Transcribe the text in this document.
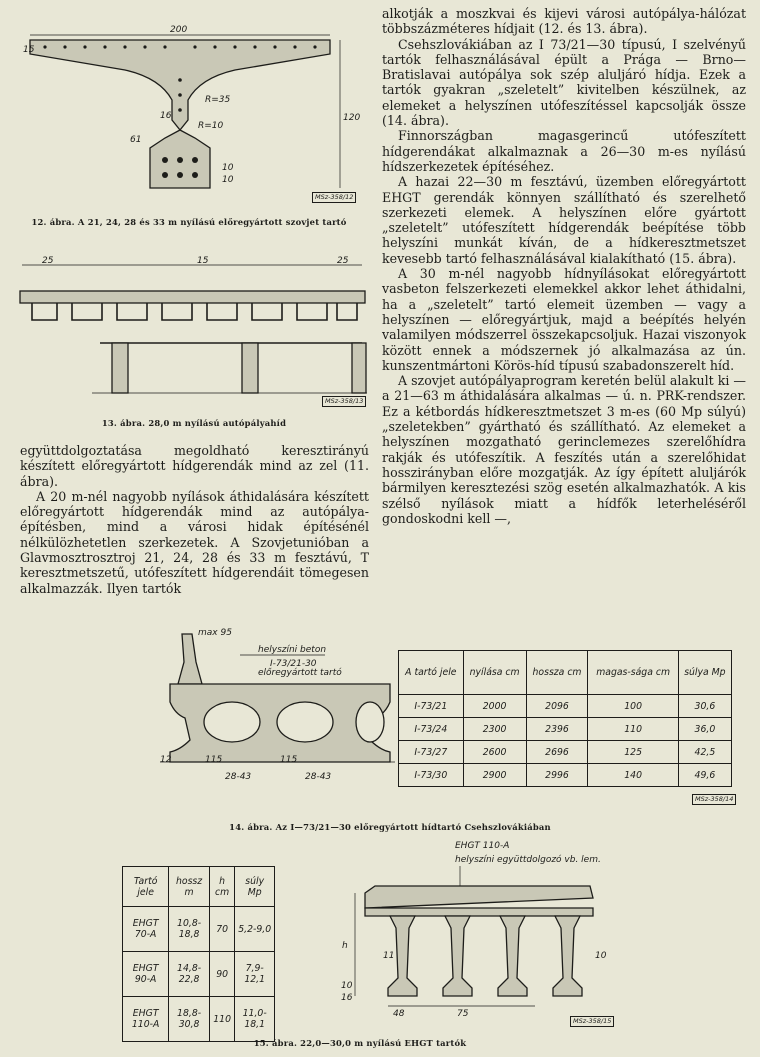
200
15
R=35
16
R=10
61
120
10
10
MSz-358/12
12. ábra. A 21, 24, 28 és 33 m nyílású előregyártott szovjet tartó
25	15	25
MSz-358/13
13. ábra. 28,0 m nyílású autópályahíd

együttdolgoztatása megoldható keresztirányú készített előregyártott hídgerendák mind az zel (11. ábra).

A 20 m-nél nagyobb nyílások áthidalására készített előregyártott hídgerendák mind az autópálya-építésben, mind a városi hidak építésénél nélkülözhetetlen szerkezetek. A Szovjetunióban a Glavmosztrosztroj 21, 24, 28 és 33 m fesztávú, T keresztmetszetű, utófeszített hídgerendáit tömegesen alkalmazzák. Ilyen tartók

alkotják a moszkvai és kijevi városi autópálya-hálózat többszázméteres hídjait (12. és 13. ábra).

Csehszlovákiában az I 73/21—30 típusú, I szelvényű tartók felhasználásával épült a Prága — Brno—Bratislavai autópálya sok szép aluljáró hídja. Ezek a tartók gyakran „szeletelt” kivitelben készülnek, az elemeket a helyszínen utófeszítéssel kapcsolják össze (14. ábra).

Finnországban magasgerincű utófeszített hídgerendákat alkalmaznak a 26—30 m-es nyílású hídszerkezetek építéséhez.

A hazai 22—30 m fesztávú, üzemben előregyártott EHGT gerendák könnyen szállítható és szerelhető szerkezeti elemek. A helyszínen előre gyártott „szeletelt” utófeszített hídgerendák beépítése több helyszíni munkát kíván, de a hídkeresztmetszet kevesebb tartó felhasználásával kialakítható (15. ábra).

A 30 m-nél nagyobb hídnyílásokat előregyártott vasbeton felszerkezeti elemekkel akkor lehet áthidalni, ha a „szeletelt” tartó elemeit üzemben — vagy a helyszínen — előregyártjuk, majd a beépítés helyén valamilyen módszerrel összekapcsoljuk. Hazai viszonyok között ennek a módszernek jó alkalmazása az ún. kunszentmártoni Körös-híd típusú szabadonszerelt híd.

A szovjet autópályaprogram keretén belül alakult ki — a 21—63 m áthidalására alkalmas — ú. n. PRK-rendszer. Ez a kétbordás hídkeresztmetszet 3 m-es (60 Mp súlyú) „szeletekben” gyártható és szállítható. Az elemeket a helyszínen mozgatható gerinclemezes szerelőhídra rakják és utófeszítik. A feszítés után a szerelőhidat hosszirányban előre mozgatják. Az így épített aluljárók bármilyen keresztezési szög esetén alkalmazhatók. A kis szélső nyílások miatt a hídfők leterheléséről gondoskodni kell —,

max 95
helyszíni beton
I-73/21-30
előregyártott tartó
12	115	115
28-43	28-43
A tartó jele	nyílása cm	hossza cm	magas-sága cm	súlya Mp
I-73/21	2000	2096	100	30,6
I-73/24	2300	2396	110	36,0
I-73/27	2600	2696	125	42,5
I-73/30	2900	2996	140	49,6
MSz-358/14
14. ábra. Az I—73/21—30 előregyártott hídtartó Csehszlovákiában
Tartó jele	hossz m	h cm	súly Mp
EHGT 70-A	10,8-18,8	70	5,2-9,0
EHGT 90-A	14,8-22,8	90	7,9-12,1
EHGT 110-A	18,8-30,8	110	11,0-18,1
EHGT 110-A
helyszíni együttdolgozó vb. lem.
h
11	10
10
16
48	75
MSz-358/15
15. ábra. 22,0—30,0 m nyílású EHGT tartók
